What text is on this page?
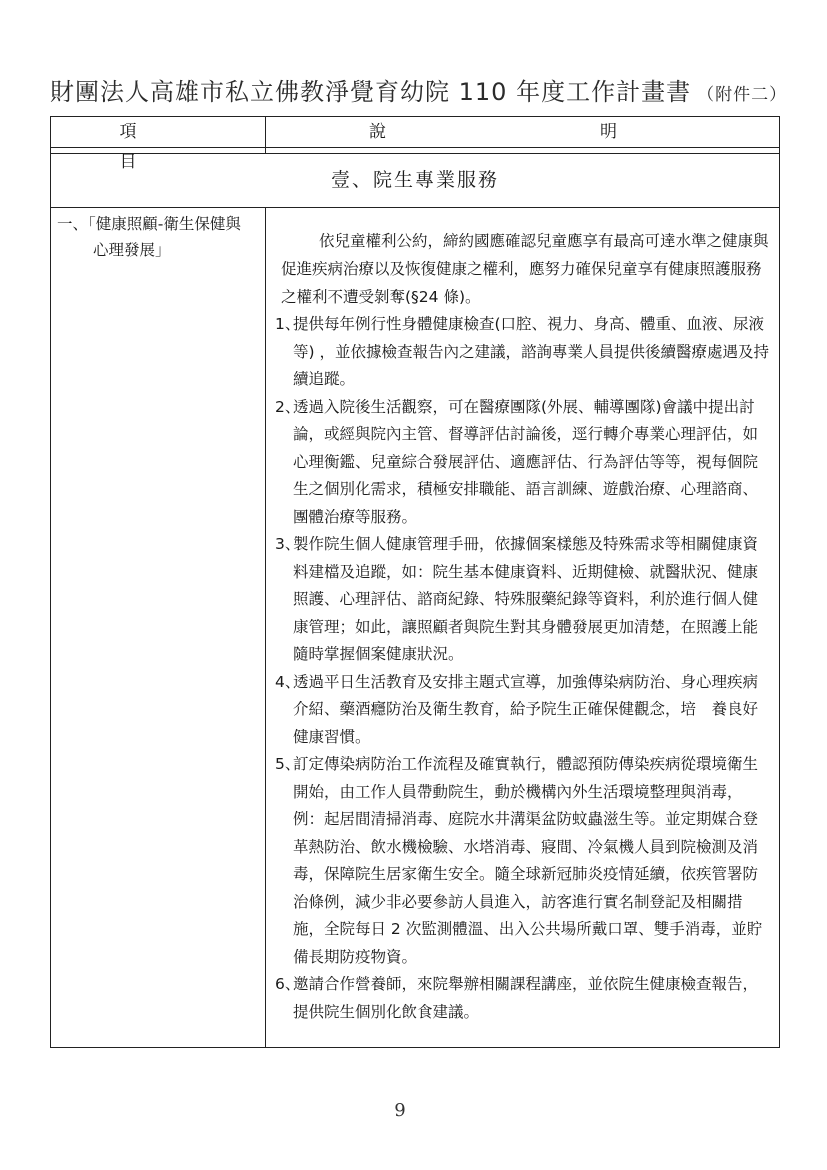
財團法人高雄市私立佛教淨覺育幼院 110 年度工作計畫書 （附件二）
項　　目
說　　明
壹、院生專業服務
一、「健康照顧-衛生保健與
心理發展」	依兒童權利公約，締約國應確認兒童應享有最高可達水準之健康與促進疾病治療以及恢復健康之權利，應努力確保兒童享有健康照護服務之權利不遭受剝奪(§24 條)。

1、
提供每年例行性身體健康檢查(口腔、視力、身高、體重、血液、尿液等) ，並依據檢查報告內之建議，諮詢專業人員提供後續醫療處遇及持續追蹤。
2、
透過入院後生活觀察，可在醫療團隊(外展、輔導團隊)會議中提出討論，或經與院內主管、督導評估討論後，逕行轉介專業心理評估，如心理衡鑑、兒童綜合發展評估、適應評估、行為評估等等，視每個院生之個別化需求，積極安排職能、語言訓練、遊戲治療、心理諮商、團體治療等服務。
3、
製作院生個人健康管理手冊，依據個案樣態及特殊需求等相關健康資料建檔及追蹤，如：院生基本健康資料、近期健檢、就醫狀況、健康照護、心理評估、諮商紀錄、特殊服藥紀錄等資料，利於進行個人健康管理；如此，讓照顧者與院生對其身體發展更加清楚，在照護上能隨時掌握個案健康狀況。
4、
透過平日生活教育及安排主題式宣導，加強傳染病防治、身心理疾病介紹、藥酒癮防治及衛生教育，給予院生正確保健觀念，培　養良好健康習慣。
5、
訂定傳染病防治工作流程及確實執行，體認預防傳染疾病從環境衛生開始，由工作人員帶動院生，動於機構內外生活環境整理與消毒，例：起居間清掃消毒、庭院水井溝渠盆防蚊蟲滋生等。並定期媒合登革熱防治、飲水機檢驗、水塔消毒、寢間、冷氣機人員到院檢測及消毒，保障院生居家衛生安全。隨全球新冠肺炎疫情延續，依疾管署防治條例，減少非必要參訪人員進入，訪客進行實名制登記及相關措施，全院每日 2 次監測體溫、出入公共場所戴口罩、雙手消毒，並貯備長期防疫物資。
6、
邀請合作營養師，來院舉辦相關課程講座，並依院生健康檢查報告，提供院生個別化飲食建議。
9
